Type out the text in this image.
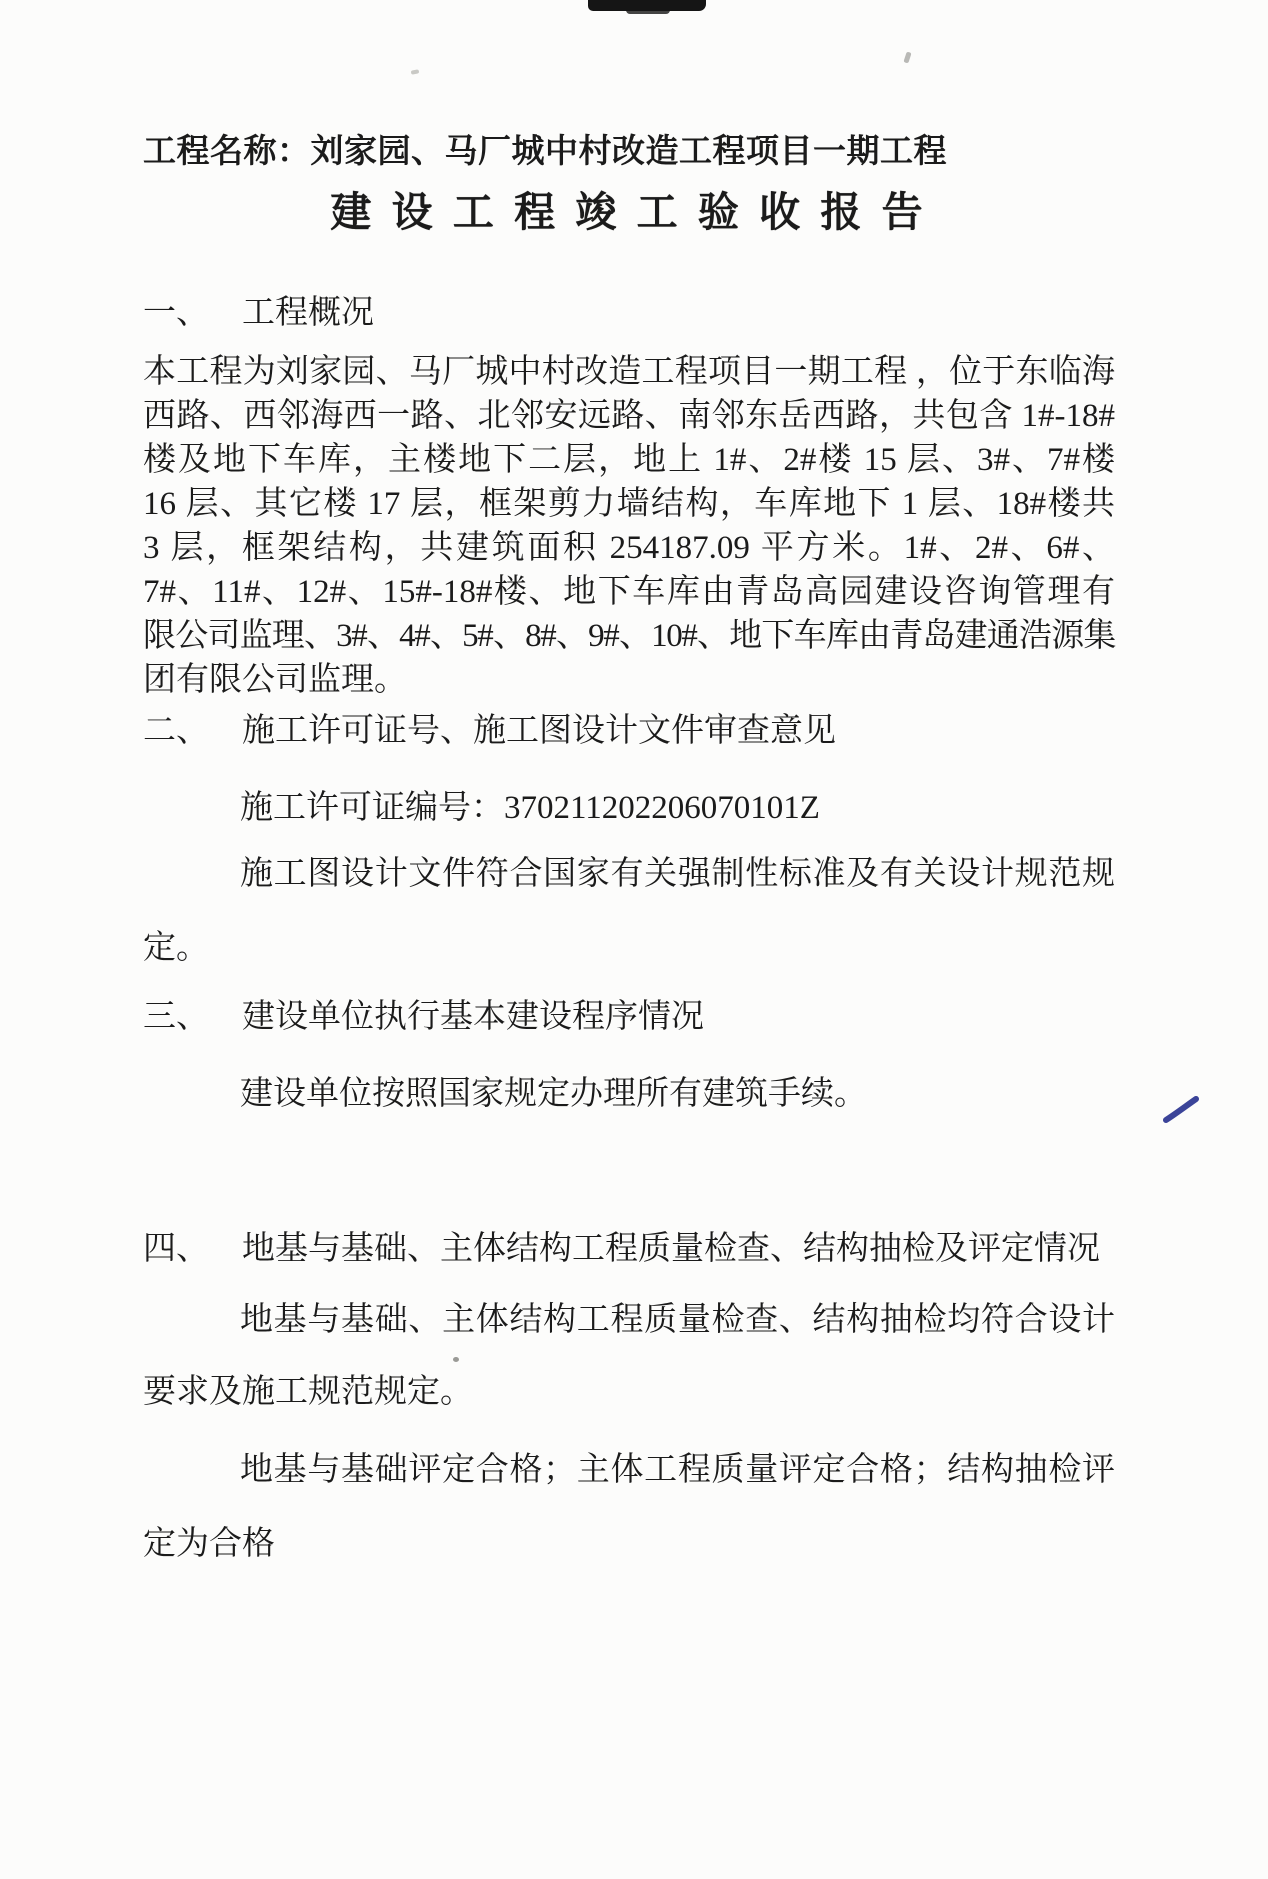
工程名称：刘家园、马厂城中村改造工程项目一期工程
建 设 工 程 竣 工 验 收 报 告
一、 工程概况
本工程为刘家园、马厂城中村改造工程项目一期工程 ，位于东临海
西路、西邻海西一路、北邻安远路、南邻东岳西路，共包含 1#-18#
楼及地下车库，主楼地下二层，地上 1#、2#楼 15 层、3#、7#楼
16 层、其它楼 17 层，框架剪力墙结构，车库地下 1 层、18#楼共
3 层，框架结构，共建筑面积 254187.09 平方米。1#、2#、6#、
7#、11#、12#、15#-18#楼、地下车库由青岛高园建设咨询管理有
限公司监理、3#、4#、5#、8#、9#、10#、地下车库由青岛建通浩源集
团有限公司监理。
二、 施工许可证号、施工图设计文件审查意见
施工许可证编号：370211202206070101Z
施工图设计文件符合国家有关强制性标准及有关设计规范规
定。
三、 建设单位执行基本建设程序情况
建设单位按照国家规定办理所有建筑手续。
四、 地基与基础、主体结构工程质量检查、结构抽检及评定情况
地基与基础、主体结构工程质量检查、结构抽检均符合设计
要求及施工规范规定。
地基与基础评定合格；主体工程质量评定合格；结构抽检评
定为合格
